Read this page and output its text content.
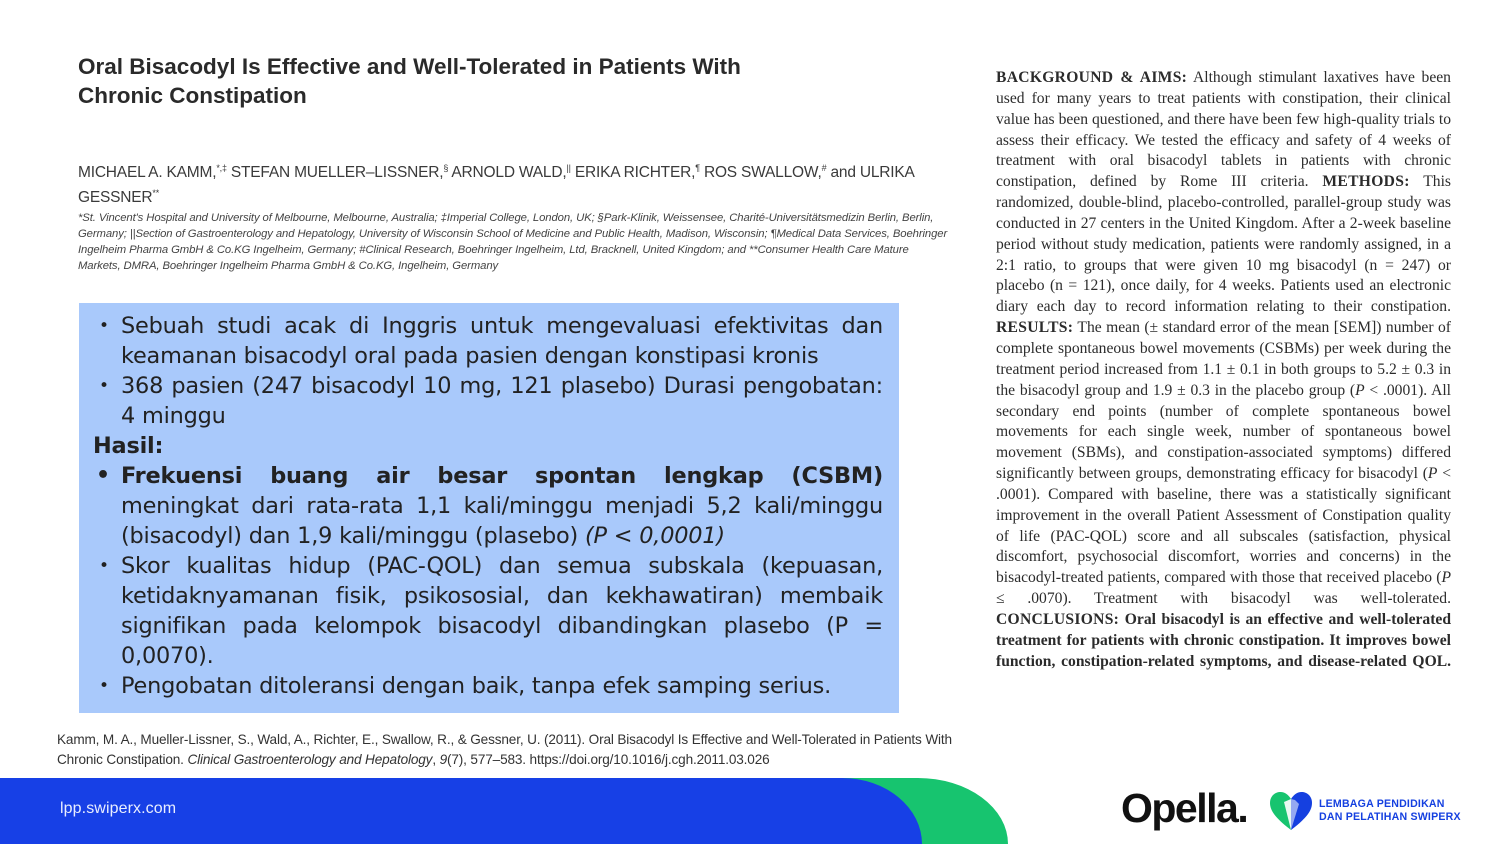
Oral Bisacodyl Is Effective and Well-Tolerated in Patients With
Chronic Constipation
MICHAEL A. KAMM,*,‡ STEFAN MUELLER–LISSNER,§ ARNOLD WALD,|| ERIKA RICHTER,¶ ROS SWALLOW,# and ULRIKA GESSNER**
*St. Vincent's Hospital and University of Melbourne, Melbourne, Australia; ‡Imperial College, London, UK; §Park-Klinik, Weissensee, Charité-Universitätsmedizin Berlin, Berlin, Germany; ||Section of Gastroenterology and Hepatology, University of Wisconsin School of Medicine and Public Health, Madison, Wisconsin; ¶Medical Data Services, Boehringer Ingelheim Pharma GmbH & Co.KG Ingelheim, Germany; #Clinical Research, Boehringer Ingelheim, Ltd, Bracknell, United Kingdom; and **Consumer Health Care Mature Markets, DMRA, Boehringer Ingelheim Pharma GmbH & Co.KG, Ingelheim, Germany
• Sebuah studi acak di Inggris untuk mengevaluasi efektivitas dan keamanan bisacodyl oral pada pasien dengan konstipasi kronis
• 368 pasien (247 bisacodyl 10 mg, 121 plasebo) Durasi pengobatan: 4 minggu

Hasil:

• Frekuensi buang air besar spontan lengkap (CSBM) meningkat dari rata-rata 1,1 kali/minggu menjadi 5,2 kali/minggu (bisacodyl) dan 1,9 kali/minggu (plasebo) (P < 0,0001)
• Skor kualitas hidup (PAC-QOL) dan semua subskala (kepuasan, ketidaknyamanan fisik, psikososial, dan kekhawatiran) membaik signifikan pada kelompok bisacodyl dibandingkan plasebo (P = 0,0070).
• Pengobatan ditoleransi dengan baik, tanpa efek samping serius.
Kamm, M. A., Mueller-Lissner, S., Wald, A., Richter, E., Swallow, R., & Gessner, U. (2011). Oral Bisacodyl Is Effective and Well-Tolerated in Patients With Chronic Constipation. Clinical Gastroenterology and Hepatology, 9(7), 577–583. https://doi.org/10.1016/j.cgh.2011.03.026

BACKGROUND & AIMS: Although stimulant laxatives have been used for many years to treat patients with constipation, their clinical value has been questioned, and there have been few high-quality trials to assess their efficacy. We tested the efficacy and safety of 4 weeks of treatment with oral bisacodyl tablets in patients with chronic constipation, defined by Rome III criteria. METHODS: This randomized, double-blind, placebo-controlled, parallel-group study was conducted in 27 centers in the United Kingdom. After a 2-week baseline period without study medication, patients were randomly assigned, in a 2:1 ratio, to groups that were given 10 mg bisacodyl (n = 247) or placebo (n = 121), once daily, for 4 weeks. Patients used an electronic diary each day to record information relating to their constipation. RESULTS: The mean (± standard error of the mean [SEM]) number of complete spontaneous bowel movements (CSBMs) per week during the treatment period increased from 1.1 ± 0.1 in both groups to 5.2 ± 0.3 in the bisacodyl group and 1.9 ± 0.3 in the placebo group (P < .0001). All secondary end points (number of complete spontaneous bowel movements for each single week, number of spontaneous bowel movement (SBMs), and constipation-associated symptoms) differed significantly between groups, demonstrating efficacy for bisacodyl (P < .0001). Compared with baseline, there was a statistically significant improvement in the overall Patient Assessment of Constipation quality of life (PAC-QOL) score and all subscales (satisfaction, physical discomfort, psychosocial discomfort, worries and concerns) in the bisacodyl-treated patients, compared with those that received placebo (P ≤ .0070). Treatment with bisacodyl was well-tolerated. CONCLUSIONS: Oral bisacodyl is an effective and well-tolerated treatment for patients with chronic constipation. It improves bowel function, constipation-related symptoms, and disease-related QOL.

lpp.swiperx.com	Opella.	LEMBAGA PENDIDIKAN
DAN PELATIHAN SWIPERX
